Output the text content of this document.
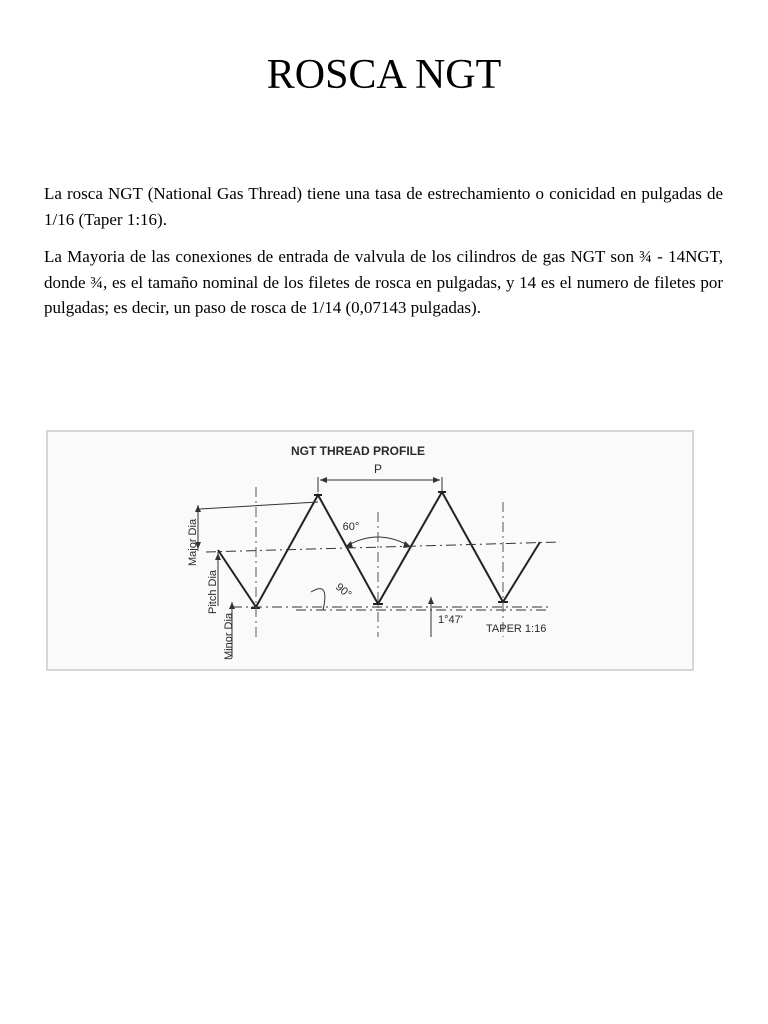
ROSCA NGT

La rosca NGT (National Gas Thread) tiene una tasa de estrechamiento o conicidad en pulgadas de 1/16 (Taper 1:16).

La Mayoria de las conexiones de entrada de valvula de los cilindros de gas NGT son ¾ - 14NGT, donde ¾, es el tamaño nominal de los filetes de rosca en pulgadas, y 14 es el numero de filetes por pulgadas; es decir, un paso de rosca de 1/14 (0,07143 pulgadas).

NGT THREAD PROFILE
P
60°
90°
1°47'
TAPER 1:16
Major Dia
Pitch Dia
Minor Dia
